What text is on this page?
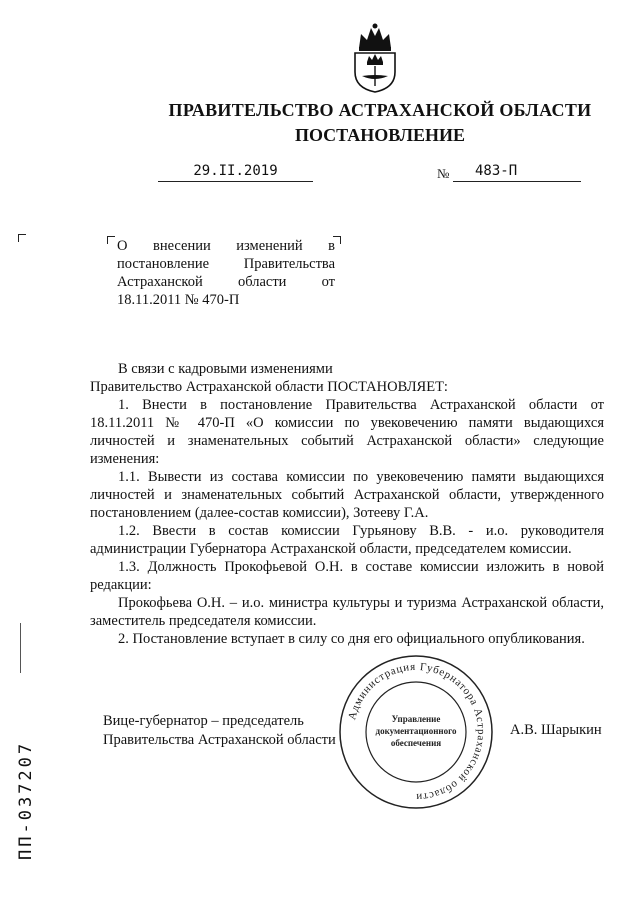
ПРАВИТЕЛЬСТВО АСТРАХАНСКОЙ ОБЛАСТИ
ПОСТАНОВЛЕНИЕ
29.II.2019	№	483-П
О внесении изменений в
постановление Правительства
Астраханской области от
18.11.2011 № 470-П

В связи с кадровыми изменениями

Правительство Астраханской области ПОСТАНОВЛЯЕТ:

1. Внести в постановление Правительства Астраханской области от 18.11.2011 № 470-П «О комиссии по увековечению памяти выдающихся личностей и знаменательных событий Астраханской области» следующие изменения:

1.1. Вывести из состава комиссии по увековечению памяти выдающихся личностей и знаменательных событий Астраханской области, утвержденного постановлением (далее-состав комиссии), Зотееву Г.А.

1.2. Ввести в состав комиссии Гурьянову В.В. - и.о. руководителя администрации Губернатора Астраханской области, председателем комиссии.

1.3. Должность Прокофьевой О.Н. в составе комиссии изложить в новой редакции:

Прокофьева О.Н. – и.о. министра культуры и туризма Астраханской области, заместитель председателя комиссии.

2. Постановление вступает в силу со дня его официального опубликования.

Вице-губернатор – председатель
Правительства Астраханской области
А.В. Шарыкин
Администрация Губернатора Астраханской области
Управление
документационного
обеспечения
ПП-037207
